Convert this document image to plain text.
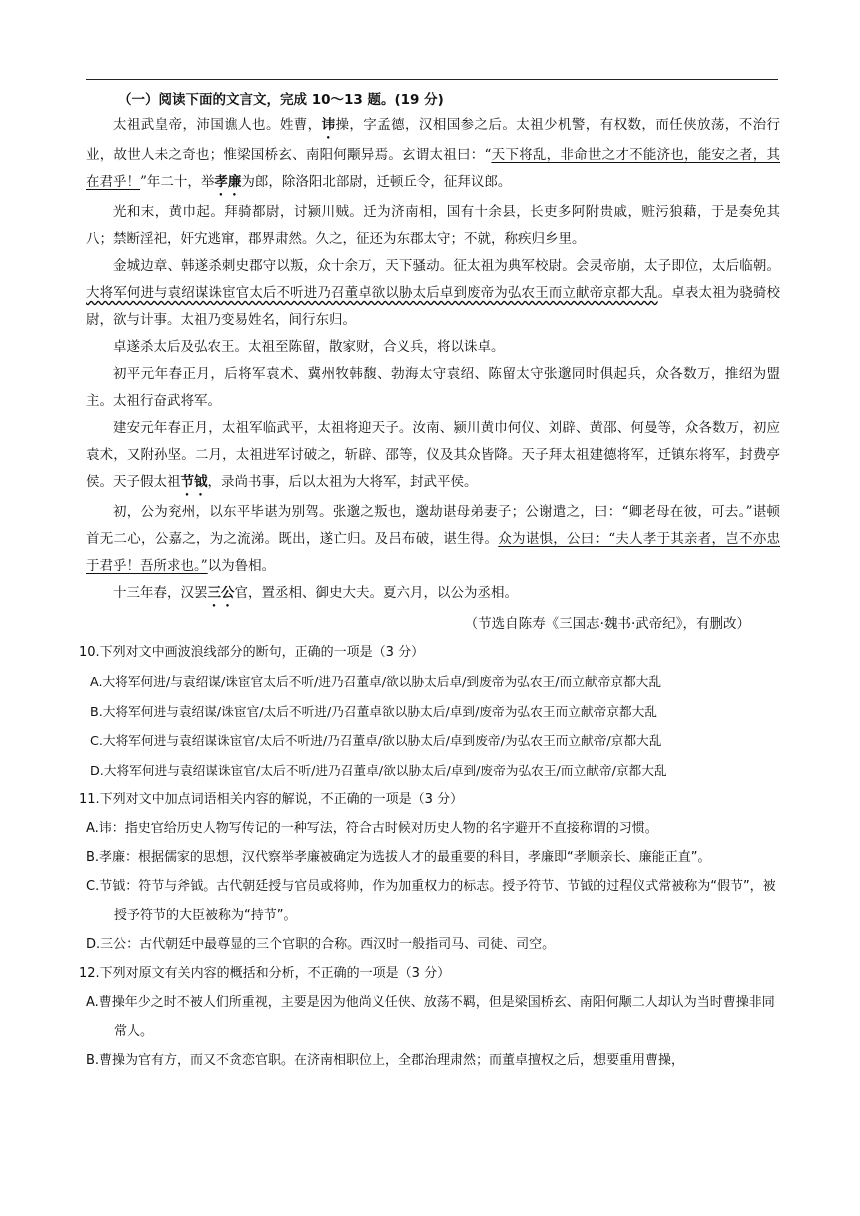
（一）阅读下面的文言文，完成 10～13 题。(19 分)

太祖武皇帝，沛国谯人也。姓曹，讳操，字孟德，汉相国参之后。太祖少机警，有权数，而任侠放荡，不治行业，故世人未之奇也；惟梁国桥玄、南阳何颙异焉。玄谓太祖曰：“天下将乱，非命世之才不能济也，能安之者，其在君乎！”年二十，举孝廉为郎，除洛阳北部尉，迁顿丘令，征拜议郎。

光和末，黄巾起。拜骑都尉，讨颍川贼。迁为济南相，国有十余县，长吏多阿附贵戚，赃污狼藉，于是奏免其八；禁断淫祀，奸宄逃窜，郡界肃然。久之，征还为东郡太守；不就，称疾归乡里。

金城边章、韩遂杀刺史郡守以叛，众十余万，天下骚动。征太祖为典军校尉。会灵帝崩，太子即位，太后临朝。大将军何进与袁绍谋诛宦官太后不听进乃召董卓欲以胁太后卓到废帝为弘农王而立献帝京都大乱。卓表太祖为骁骑校尉，欲与计事。太祖乃变易姓名，间行东归。

卓遂杀太后及弘农王。太祖至陈留，散家财，合义兵，将以诛卓。

初平元年春正月，后将军袁术、冀州牧韩馥、勃海太守袁绍、陈留太守张邈同时俱起兵，众各数万，推绍为盟主。太祖行奋武将军。

建安元年春正月，太祖军临武平，太祖将迎天子。汝南、颍川黄巾何仪、刘辟、黄邵、何曼等，众各数万，初应袁术，又附孙坚。二月，太祖进军讨破之，斩辟、邵等，仪及其众皆降。天子拜太祖建德将军，迁镇东将军，封费亭侯。天子假太祖节钺，录尚书事，后以太祖为大将军，封武平侯。

初，公为兖州，以东平毕谌为别驾。张邈之叛也，邈劫谌母弟妻子；公谢遣之，曰：“卿老母在彼，可去。”谌顿首无二心，公嘉之，为之流涕。既出，遂亡归。及吕布破，谌生得。众为谌惧，公曰：“夫人孝于其亲者，岂不亦忠于君乎！吾所求也。”以为鲁相。

十三年春，汉罢三公官，置丞相、御史大夫。夏六月，以公为丞相。

（节选自陈寿《三国志·魏书·武帝纪》，有删改）

10.下列对文中画波浪线部分的断句，正确的一项是（3 分）

A.大将军何进/与袁绍谋/诛宦官太后不听/进乃召董卓/欲以胁太后卓/到废帝为弘农王/而立献帝京都大乱

B.大将军何进与袁绍谋/诛宦官/太后不听进/乃召董卓欲以胁太后/卓到/废帝为弘农王而立献帝京都大乱

C.大将军何进与袁绍谋诛宦官/太后不听进/乃召董卓/欲以胁太后/卓到废帝/为弘农王而立献帝/京都大乱

D.大将军何进与袁绍谋诛宦官/太后不听/进乃召董卓/欲以胁太后/卓到/废帝为弘农王/而立献帝/京都大乱

11.下列对文中加点词语相关内容的解说，不正确的一项是（3 分）

A.讳：指史官给历史人物写传记的一种写法，符合古时候对历史人物的名字避开不直接称谓的习惯。

B.孝廉：根据儒家的思想，汉代察举孝廉被确定为选拔人才的最重要的科目，孝廉即“孝顺亲长、廉能正直”。

C.节钺：符节与斧钺。古代朝廷授与官员或将帅，作为加重权力的标志。授予符节、节钺的过程仪式常被称为“假节”，被授予符节的大臣被称为“持节”。

D.三公：古代朝廷中最尊显的三个官职的合称。西汉时一般指司马、司徒、司空。

12.下列对原文有关内容的概括和分析，不正确的一项是（3 分）

A.曹操年少之时不被人们所重视，主要是因为他尚义任侠、放荡不羁，但是梁国桥玄、南阳何颙二人却认为当时曹操非同常人。

B.曹操为官有方，而又不贪恋官职。在济南相职位上，全郡治理肃然；而董卓擅权之后，想要重用曹操，
